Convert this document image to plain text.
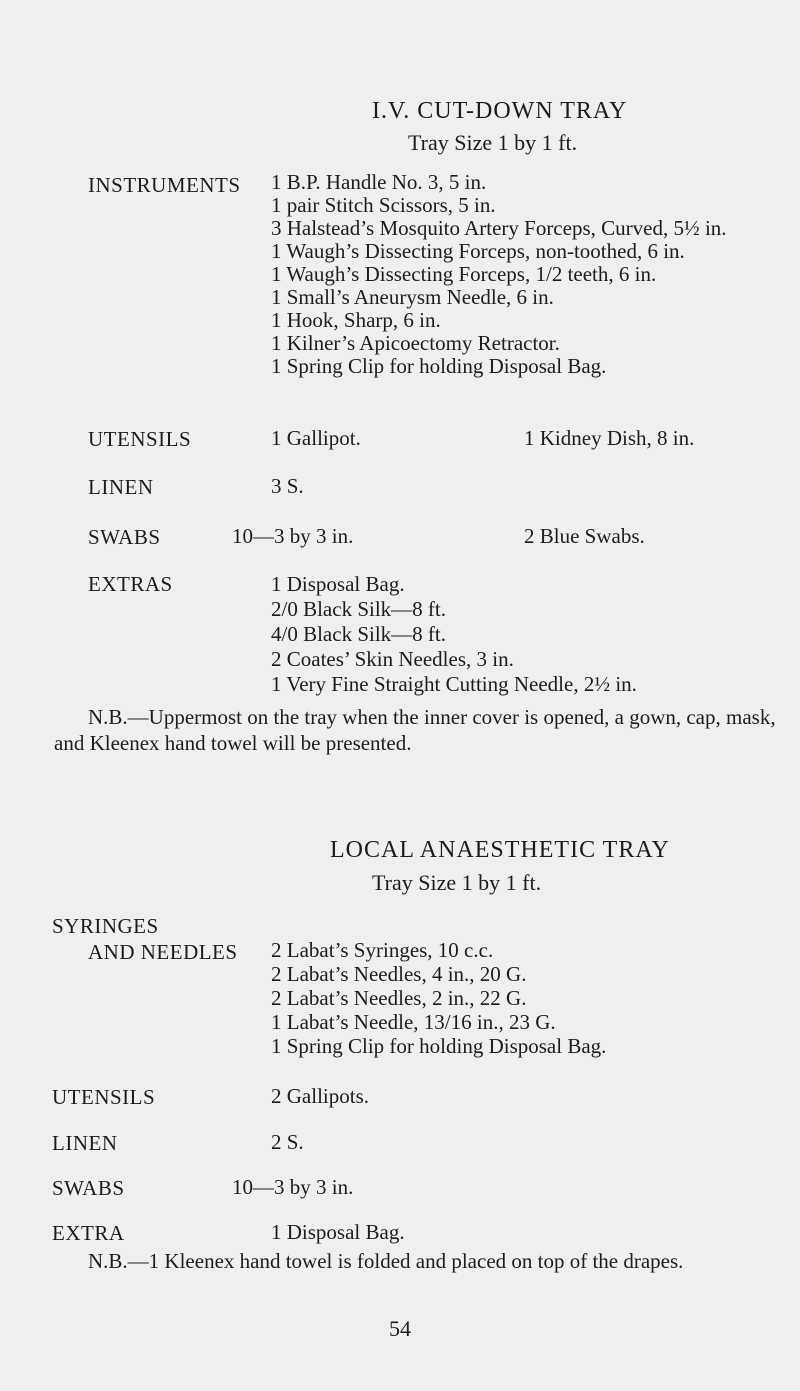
I.V. CUT-DOWN TRAY
Tray Size 1 by 1 ft.
INSTRUMENTS 1 B.P. Handle No. 3, 5 in.
1 pair Stitch Scissors, 5 in.
3 Halstead’s Mosquito Artery Forceps, Curved, 5½ in.
1 Waugh’s Dissecting Forceps, non-toothed, 6 in.
1 Waugh’s Dissecting Forceps, 1/2 teeth, 6 in.
1 Small’s Aneurysm Needle, 6 in.
1 Hook, Sharp, 6 in.
1 Kilner’s Apicoectomy Retractor.
1 Spring Clip for holding Disposal Bag.
UTENSILS	1 Gallipot.	1 Kidney Dish, 8 in.
LINEN	3 S.
SWABS	10—3 by 3 in.	2 Blue Swabs.
EXTRAS	1 Disposal Bag.
2/0 Black Silk—8 ft.
4/0 Black Silk—8 ft.
2 Coates’ Skin Needles, 3 in.
1 Very Fine Straight Cutting Needle, 2½ in.
N.B.—Uppermost on the tray when the inner cover is opened, a gown, cap, mask,
and Kleenex hand towel will be presented.
LOCAL ANAESTHETIC TRAY
Tray Size 1 by 1 ft.
SYRINGES
AND NEEDLES 2 Labat’s Syringes, 10 c.c.
2 Labat’s Needles, 4 in., 20 G.
2 Labat’s Needles, 2 in., 22 G.
1 Labat’s Needle, 13/16 in., 23 G.
1 Spring Clip for holding Disposal Bag.
UTENSILS	2 Gallipots.
LINEN	2 S.
SWABS	10—3 by 3 in.
EXTRA	1 Disposal Bag.
N.B.—1 Kleenex hand towel is folded and placed on top of the drapes.
54
